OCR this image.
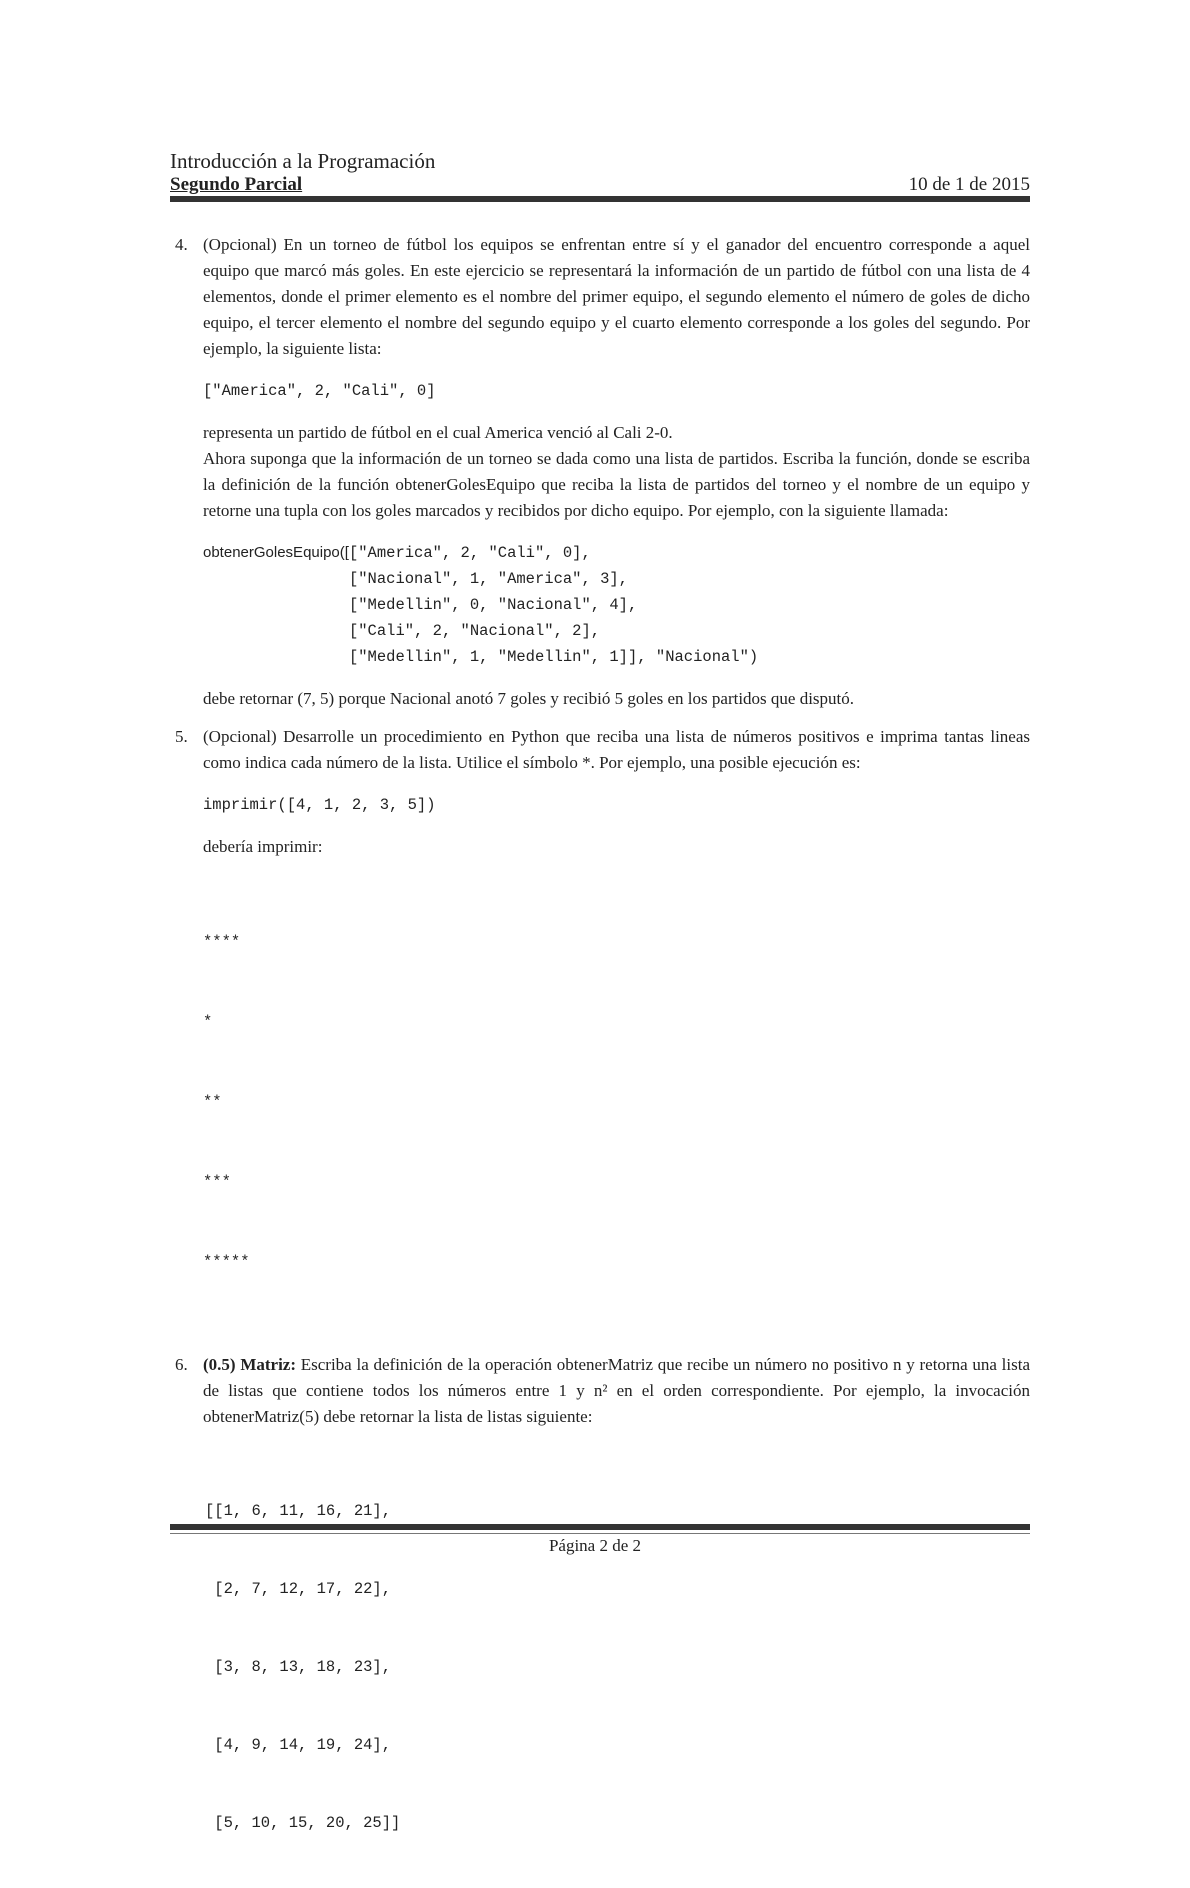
Introducción a la Programación
Segundo Parcial	10 de 1 de 2015
4. (Opcional) En un torneo de fútbol los equipos se enfrentan entre sí y el ganador del encuentro corresponde a aquel equipo que marcó más goles. En este ejercicio se representará la información de un partido de fútbol con una lista de 4 elementos, donde el primer elemento es el nombre del primer equipo, el segundo elemento el número de goles de dicho equipo, el tercer elemento el nombre del segundo equipo y el cuarto elemento corresponde a los goles del segundo. Por ejemplo, la siguiente lista:

["America", 2, "Cali", 0]

representa un partido de fútbol en el cual America venció al Cali 2-0.

Ahora suponga que la información de un torneo se dada como una lista de partidos. Escriba la función, donde se escriba la definición de la función obtenerGolesEquipo que reciba la lista de partidos del torneo y el nombre de un equipo y retorne una tupla con los goles marcados y recibidos por dicho equipo. Por ejemplo, con la siguiente llamada:

obtenerGolesEquipo([ ["America", 2, "Cali", 0],
["Nacional", 1, "America", 3],
["Medellin", 0, "Nacional", 4],
["Cali", 2, "Nacional", 2],
["Medellin", 1, "Medellin", 1]], "Nacional")

debe retornar (7, 5) porque Nacional anotó 7 goles y recibió 5 goles en los partidos que disputó.

5. (Opcional) Desarrolle un procedimiento en Python que reciba una lista de números positivos e imprima tantas lineas como indica cada número de la lista. Utilice el símbolo *. Por ejemplo, una posible ejecución es:

imprimir([4, 1, 2, 3, 5])

debería imprimir:

****

*

**

***

*****

6. (0.5) Matriz: Escriba la definición de la operación obtenerMatriz que recibe un número no positivo n y retorna una lista de listas que contiene todos los números entre 1 y n² en el orden correspondiente. Por ejemplo, la invocación obtenerMatriz(5) debe retornar la lista de listas siguiente:

[[1, 6, 11, 16, 21],

[2, 7, 12, 17, 22],

[3, 8, 13, 18, 23],

[4, 9, 14, 19, 24],

[5, 10, 15, 20, 25]]

Página 2 de 2
